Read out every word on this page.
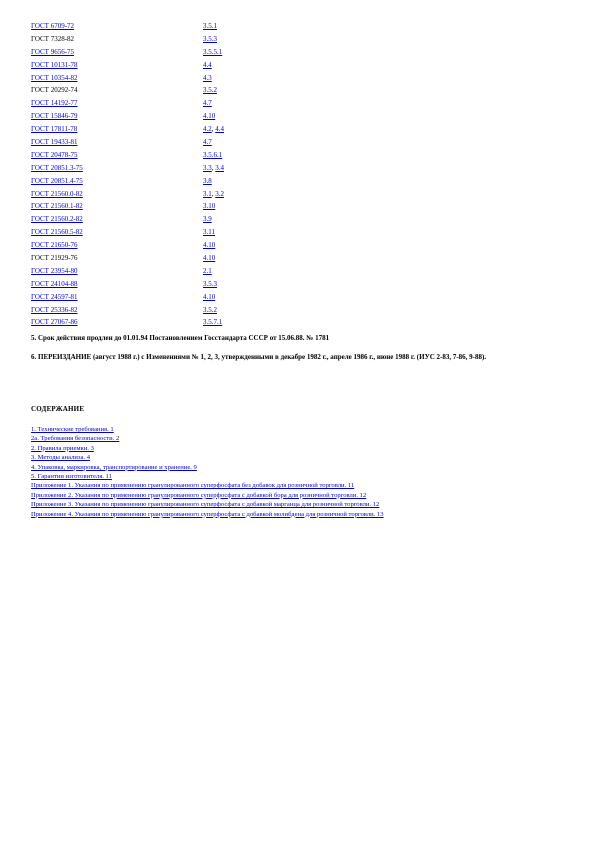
ГОСТ 6709-72	3.5.1
ГОСТ 7328-82	3.5.3
ГОСТ 9656-75	3.5.5.1
ГОСТ 10131-78	4.4
ГОСТ 10354-82	4.3
ГОСТ 20292-74	3.5.2
ГОСТ 14192-77	4.7
ГОСТ 15846-79	4.10
ГОСТ 17811-78	4.2, 4.4
ГОСТ 19433-81	4.7
ГОСТ 20478-75	3.5.6.1
ГОСТ 20851.3-75	3.3, 3.4
ГОСТ 20851.4-75	3.8
ГОСТ 21560.0-82	3.1, 3.2
ГОСТ 21560.1-82	3.10
ГОСТ 21560.2-82	3.9
ГОСТ 21560.5-82	3.11
ГОСТ 21650-76	4.10
ГОСТ 21929-76	4.10
ГОСТ 23954-80	2.1
ГОСТ 24104-88	3.5.3
ГОСТ 24597-81	4.10
ГОСТ 25336-82	3.5.2
ГОСТ 27067-86	3.5.7.1
5. Срок действия продлен до 01.01.94 Постановлением Госстандарта СССР от 15.06.88. № 1781
6. ПЕРЕИЗДАНИЕ (август 1988 г.) с Изменениями № 1, 2, 3, утвержденными в декабре 1982 г., апреле 1986 г., июне 1988 г. (ИУС 2-83, 7-86, 9-88).
СОДЕРЖАНИЕ
1. Технические требования. 1
2а. Требования безопасности. 2
2. Правила приемки. 3
3. Методы анализа. 4
4. Упаковка, маркировка, транспортирование и хранение. 9
5. Гарантии изготовителя. 11
Приложение 1. Указания по применению гранулированного суперфосфата без добавок для розничной торговли. 11
Приложение 2. Указания по применению гранулированного суперфосфата с добавкой бора для розничной торговли. 12
Приложение 3. Указания по применению гранулированного суперфосфата с добавкой марганца для розничной торговли. 12
Приложение 4. Указания по применению гранулированного суперфосфата с добавкой молибдена для розничной торговли. 13
